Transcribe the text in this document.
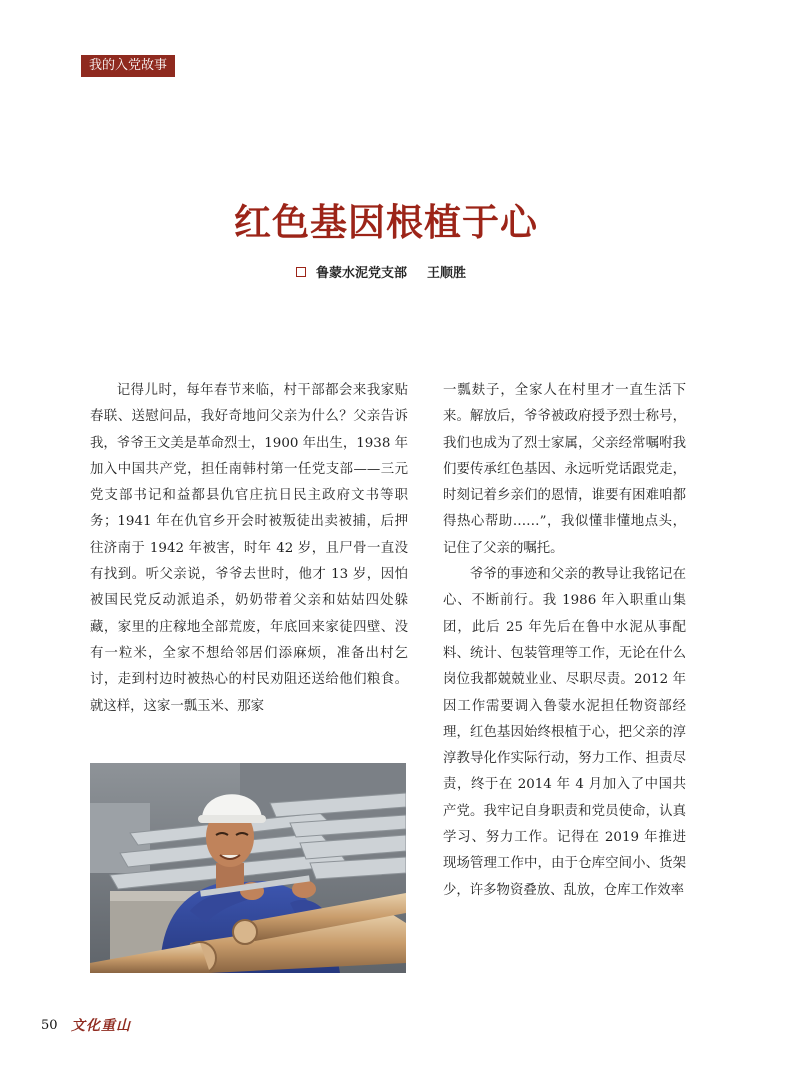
我的入党故事
红色基因根植于心
鲁蒙水泥党支部 王顺胜

记得儿时，每年春节来临，村干部都会来我家贴春联、送慰问品，我好奇地问父亲为什么？父亲告诉我，爷爷王文美是革命烈士，1900 年出生，1938 年加入中国共产党，担任南韩村第一任党支部——三元党支部书记和益都县仇官庄抗日民主政府文书等职务；1941 年在仇官乡开会时被叛徒出卖被捕，后押往济南于 1942 年被害，时年 42 岁，且尸骨一直没有找到。听父亲说，爷爷去世时，他才 13 岁，因怕被国民党反动派追杀，奶奶带着父亲和姑姑四处躲藏，家里的庄稼地全部荒废，年底回来家徒四壁、没有一粒米，全家不想给邻居们添麻烦，准备出村乞讨，走到村边时被热心的村民劝阻还送给他们粮食。就这样，这家一瓢玉米、那家

一瓢麸子，全家人在村里才一直生活下来。解放后，爷爷被政府授予烈士称号，我们也成为了烈士家属，父亲经常嘱咐我们要传承红色基因、永远听党话跟党走，时刻记着乡亲们的恩情，谁要有困难咱都得热心帮助……”，我似懂非懂地点头，记住了父亲的嘱托。

爷爷的事迹和父亲的教导让我铭记在心、不断前行。我 1986 年入职重山集团，此后 25 年先后在鲁中水泥从事配料、统计、包装管理等工作，无论在什么岗位我都兢兢业业、尽职尽责。2012 年因工作需要调入鲁蒙水泥担任物资部经理，红色基因始终根植于心，把父亲的淳淳教导化作实际行动，努力工作、担责尽责，终于在 2014 年 4 月加入了中国共产党。我牢记自身职责和党员使命，认真学习、努力工作。记得在 2019 年推进现场管理工作中，由于仓库空间小、货架少，许多物资叠放、乱放，仓库工作效率

50 文化重山
